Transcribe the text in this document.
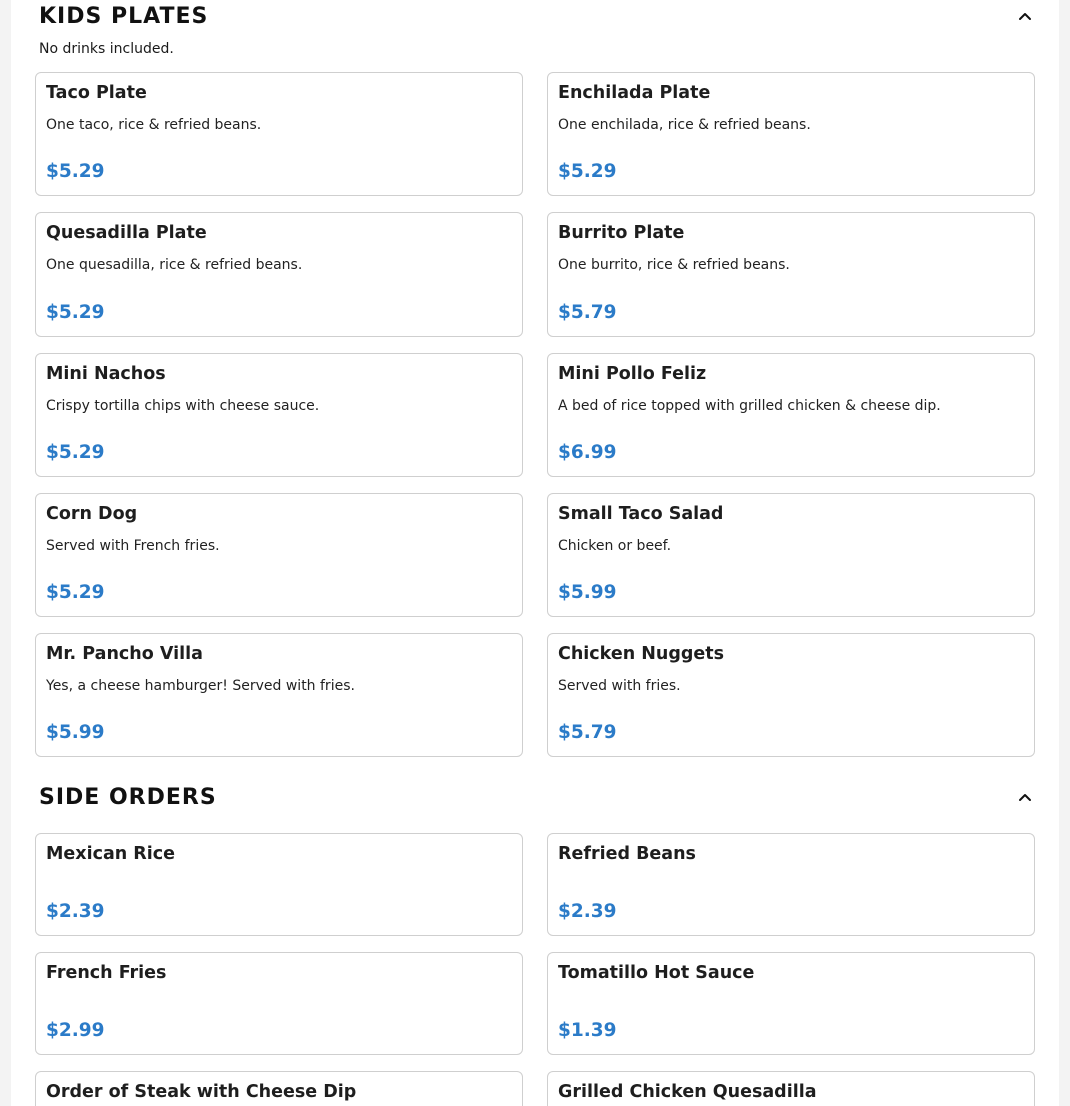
KIDS PLATES
No drinks included.
Taco Plate
One taco, rice & refried beans.
$5.29
Enchilada Plate
One enchilada, rice & refried beans.
$5.29
Quesadilla Plate
One quesadilla, rice & refried beans.
$5.29
Burrito Plate
One burrito, rice & refried beans.
$5.79
Mini Nachos
Crispy tortilla chips with cheese sauce.
$5.29
Mini Pollo Feliz
A bed of rice topped with grilled chicken & cheese dip.
$6.99
Corn Dog
Served with French fries.
$5.29
Small Taco Salad
Chicken or beef.
$5.99
Mr. Pancho Villa
Yes, a cheese hamburger! Served with fries.
$5.99
Chicken Nuggets
Served with fries.
$5.79
SIDE ORDERS
Mexican Rice
$2.39
Refried Beans
$2.39
French Fries
$2.99
Tomatillo Hot Sauce
$1.39
Order of Steak with Cheese Dip	Grilled Chicken Quesadilla
